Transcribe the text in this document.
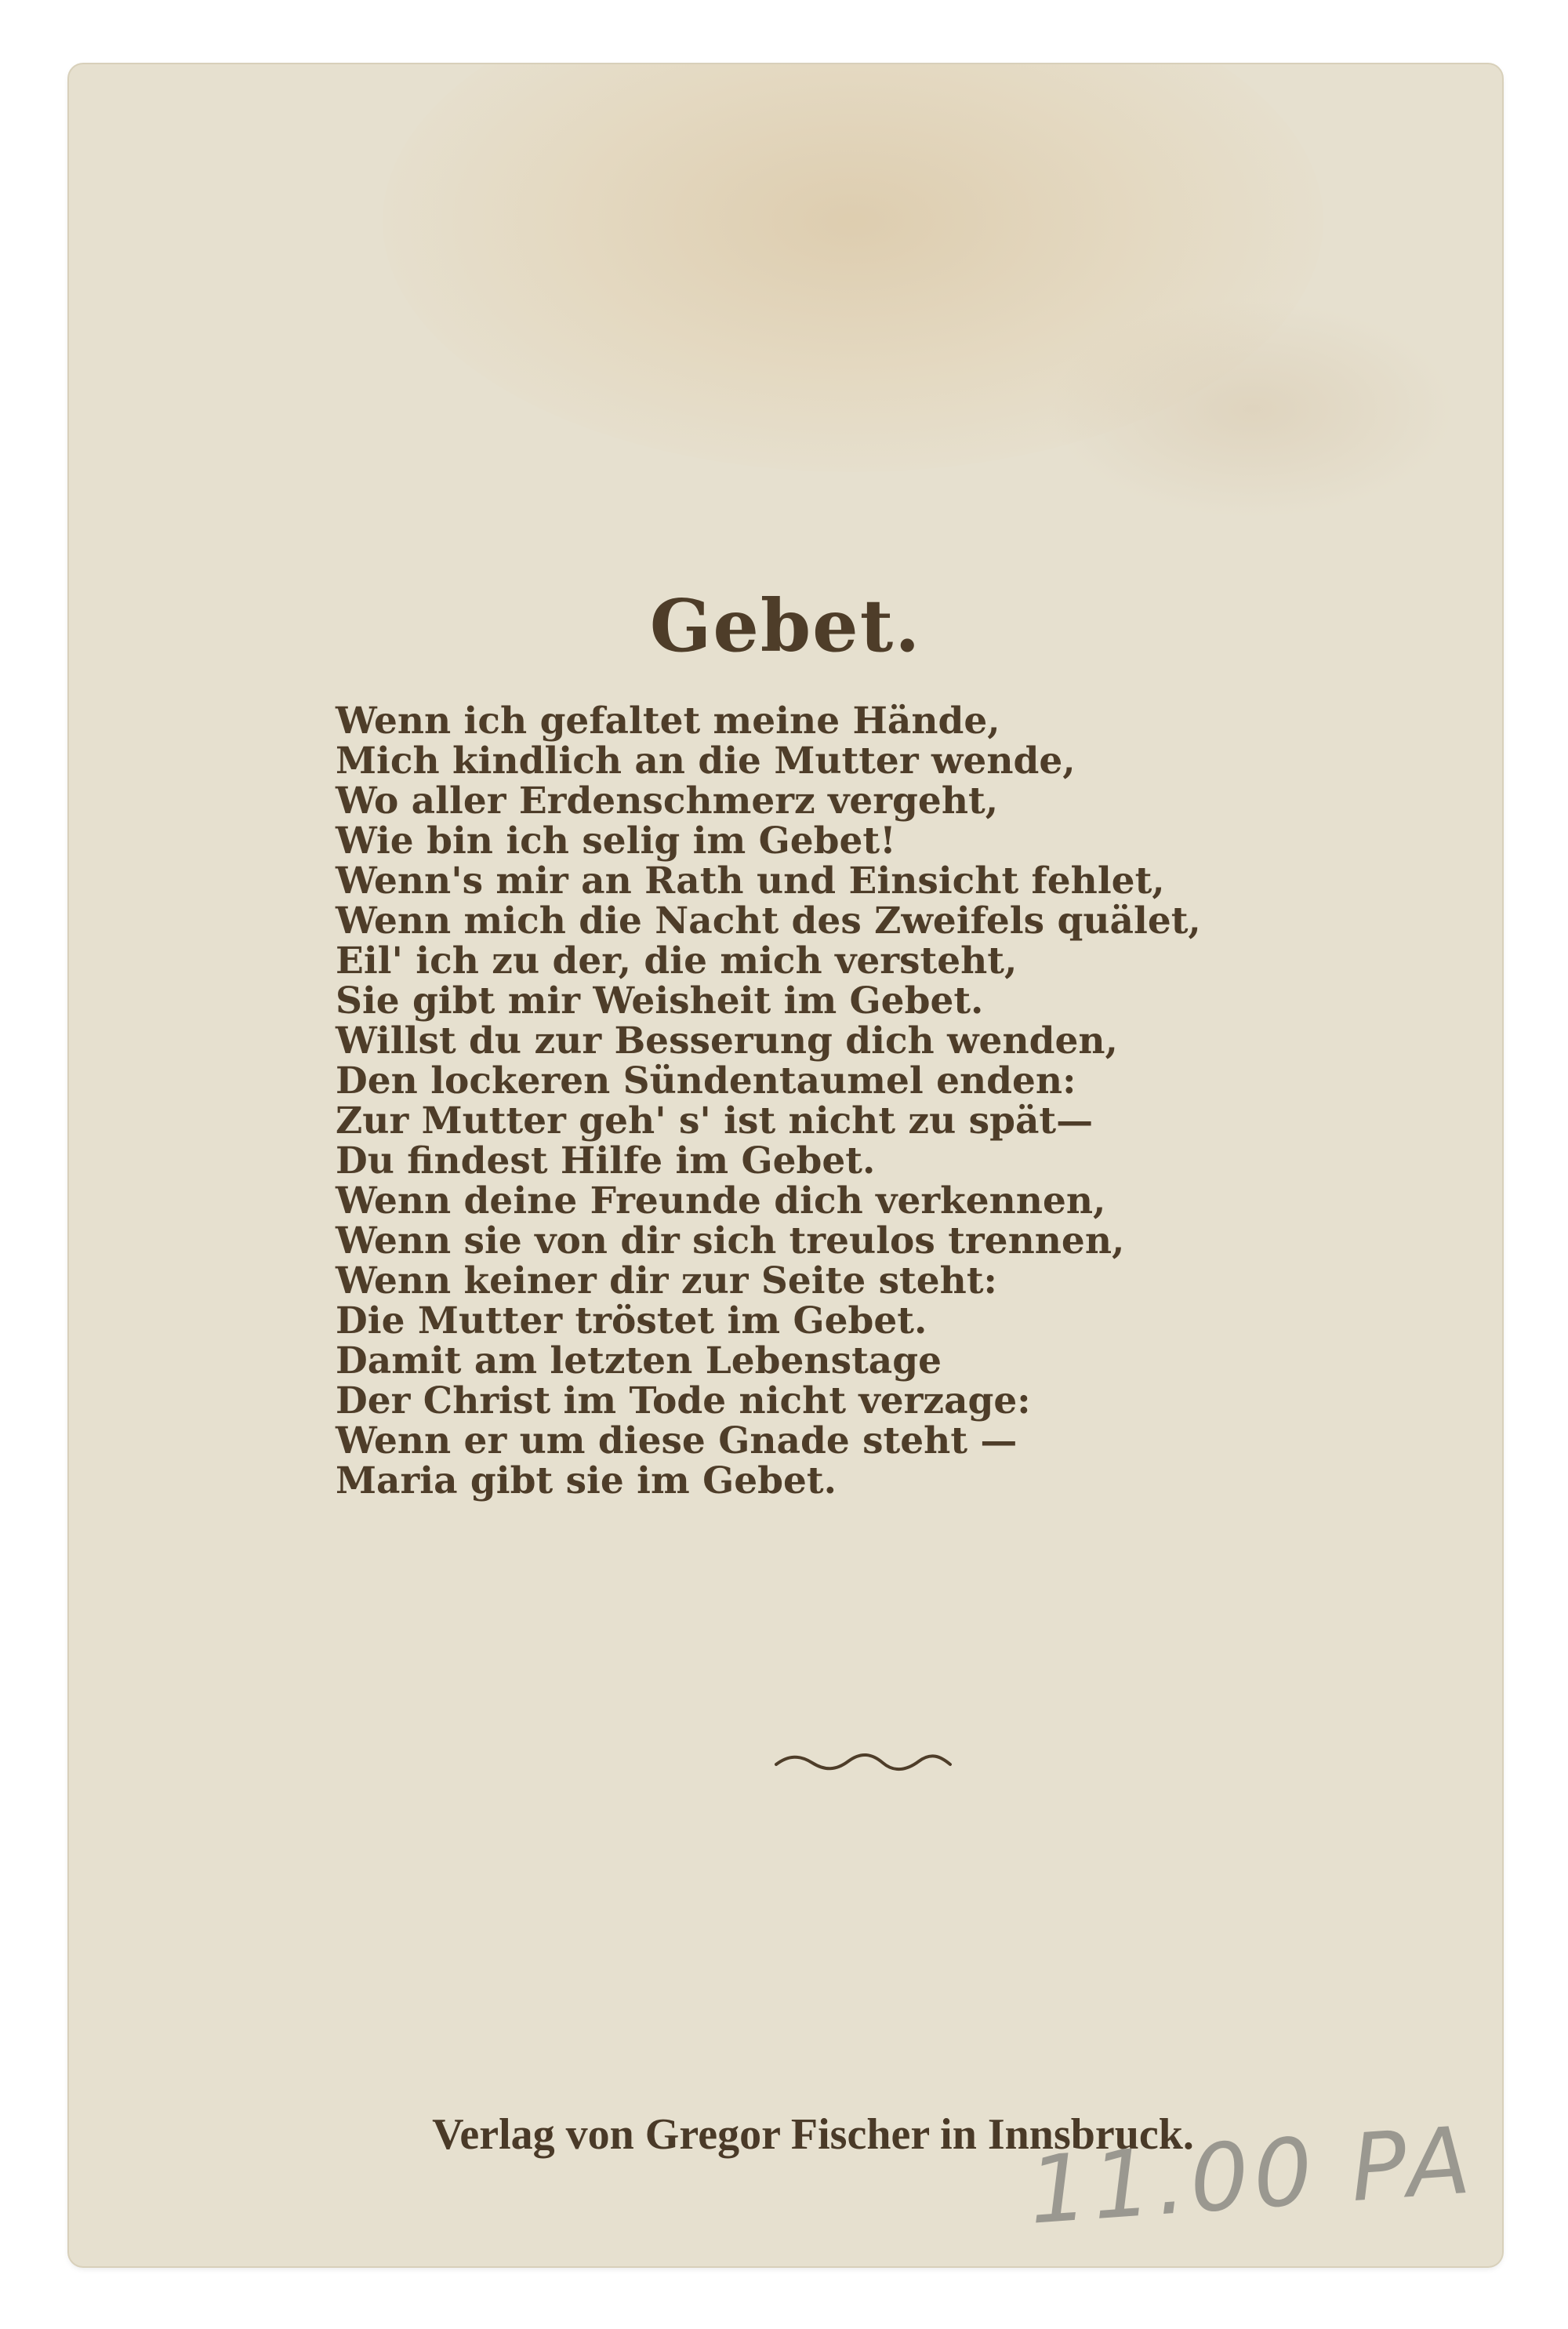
Gebet.
Wenn ich gefaltet meine Hände,
Mich kindlich an die Mutter wende,
Wo aller Erdenschmerz vergeht,
Wie bin ich selig im Gebet!
Wenn's mir an Rath und Einsicht fehlet,
Wenn mich die Nacht des Zweifels quälet,
Eil' ich zu der, die mich versteht,
Sie gibt mir Weisheit im Gebet.
Willst du zur Besserung dich wenden,
Den lockeren Sündentaumel enden:
Zur Mutter geh' s' ist nicht zu spät—
Du findest Hilfe im Gebet.
Wenn deine Freunde dich verkennen,
Wenn sie von dir sich treulos trennen,
Wenn keiner dir zur Seite steht:
Die Mutter tröstet im Gebet.
Damit am letzten Lebenstage
Der Christ im Tode nicht verzage:
Wenn er um diese Gnade steht —
Maria gibt sie im Gebet.
Verlag von Gregor Fischer in Innsbruck.
11.00 PA
